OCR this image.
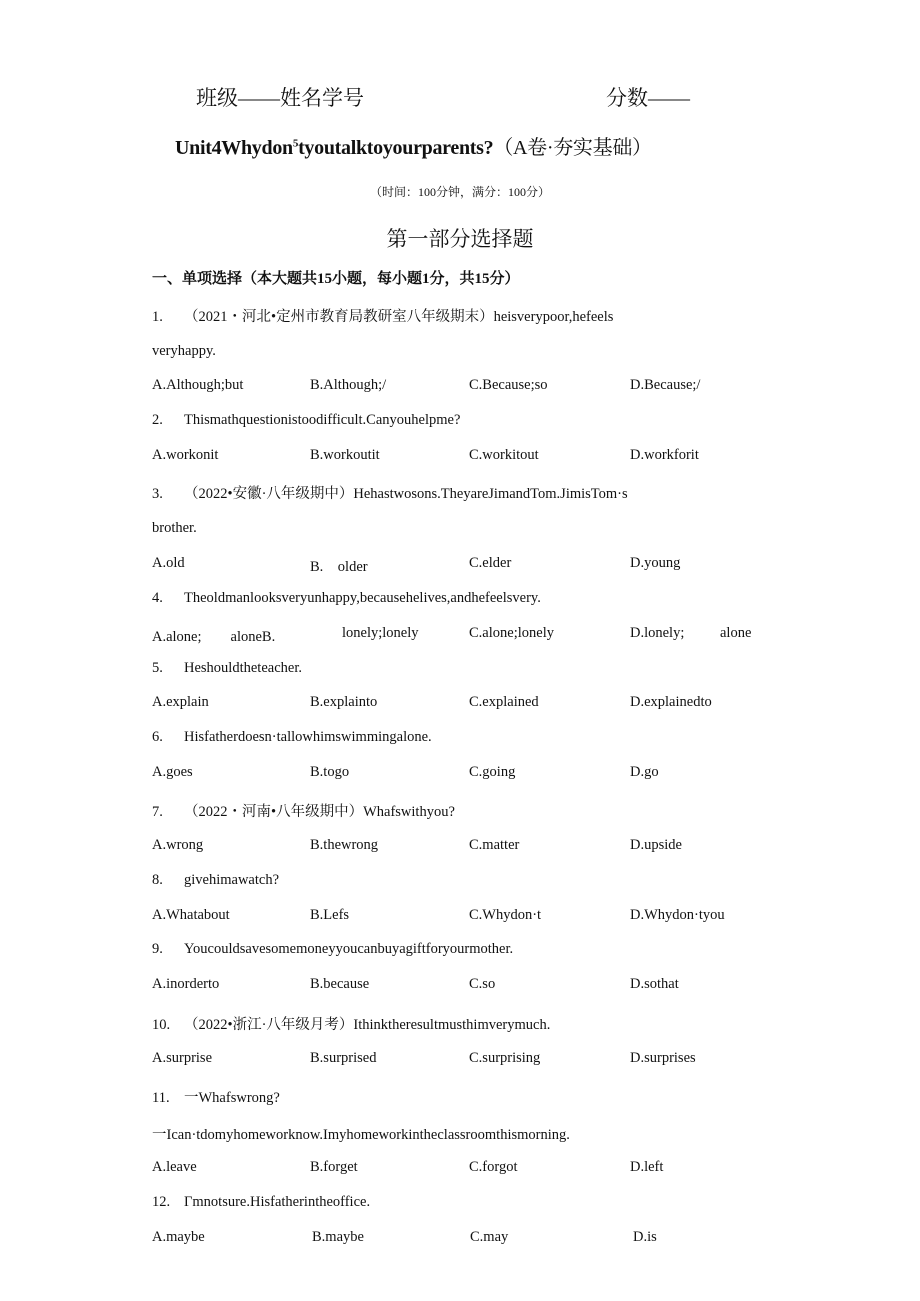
班级——姓名学号	分数——
Unit4Whydon$^5$tyoutalktoyourparents?（A卷·夯实基础）
（时间：100分钟，满分：100分）
第一部分选择题
一、单项选择（本大题共15小题，每小题1分，共15分）
1. （2021・河北•定州市教育局教研室八年级期末）heisverypoor,hefeels
veryhappy.
A.Although;but	B.Although;/	C.Because;so	D.Because;/
2. Thismathquestionistoodifficult.Canyouhelpme?
A.workonit	B.workoutit	C.workitout	D.workforit
3. （2022•安徽·八年级期中）Hehastwosons.TheyareJimandTom.JimisTom·s
brother.
A.old	B.　older	C.elder	D.young
4. Theoldmanlooksveryunhappy,becausehelives,andhefeelsvery.
A.alone;　　aloneB.	lonely;lonely	C.alone;lonely	D.lonely; alone
5. Heshouldtheteacher.
A.explain	B.explainto	C.explained	D.explainedto
6. Hisfatherdoesn·tallowhimswimmingalone.
A.goes	B.togo	C.going	D.go
7. （2022・河南•八年级期中）Whafswithyou?
A.wrong	B.thewrong	C.matter	D.upside
8. givehimawatch?
A.Whatabout	B.Lefs	C.Whydon·t	D.Whydon·tyou
9. Youcouldsavesomemoneyyoucanbuyagiftforyourmother.
A.inorderto	B.because	C.so	D.sothat
10. （2022•浙江·八年级月考）Ithinktheresultmusthimverymuch.
A.surprise	B.surprised	C.surprising	D.surprises
11. 一Whafswrong?
一Ican·tdomyhomeworknow.Imyhomeworkintheclassroomthismorning.
A.leave	B.forget	C.forgot	D.left
12. Γmnotsure.Hisfatherintheoffice.
A.maybe	B.maybe	C.may	D.is
